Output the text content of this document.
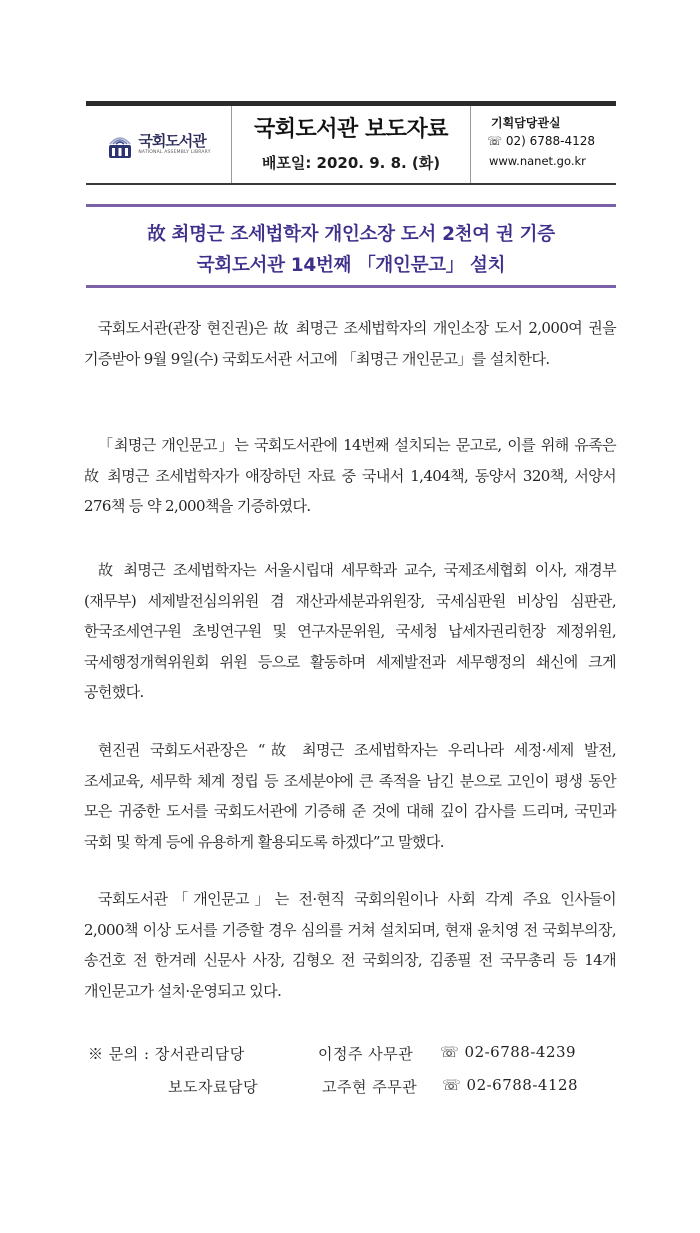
국회도서관
NATIONAL ASSEMBLY LIBRARY
국회도서관 보도자료
배포일: 2020. 9. 8. (화)
기획담당관실
☏ 02) 6788-4128
www.nanet.go.kr
故 최명근 조세법학자 개인소장 도서 2천여 권 기증
국회도서관 14번째 「개인문고」 설치
국회도서관(관장 현진권)은 故 최명근 조세법학자의 개인소장 도서 2,000여 권을 기증받아 9월 9일(수) 국회도서관 서고에 「최명근 개인문고」를 설치한다.
「최명근 개인문고」는 국회도서관에 14번째 설치되는 문고로, 이를 위해 유족은 故 최명근 조세법학자가 애장하던 자료 중 국내서 1,404책, 동양서 320책, 서양서 276책 등 약 2,000책을 기증하였다.
故 최명근 조세법학자는 서울시립대 세무학과 교수, 국제조세협회 이사, 재경부(재무부) 세제발전심의위원 겸 재산과세분과위원장, 국세심판원 비상임 심판관, 한국조세연구원 초빙연구원 및 연구자문위원, 국세청 납세자권리헌장 제정위원, 국세행정개혁위원회 위원 등으로 활동하며 세제발전과 세무행정의 쇄신에 크게 공헌했다.
현진권 국회도서관장은 “故 최명근 조세법학자는 우리나라 세정·세제 발전, 조세교육, 세무학 체계 정립 등 조세분야에 큰 족적을 남긴 분으로 고인이 평생 동안 모은 귀중한 도서를 국회도서관에 기증해 준 것에 대해 깊이 감사를 드리며, 국민과 국회 및 학계 등에 유용하게 활용되도록 하겠다”고 말했다.
국회도서관「개인문고」는 전·현직 국회의원이나 사회 각계 주요 인사들이 2,000책 이상 도서를 기증할 경우 심의를 거쳐 설치되며, 현재 윤치영 전 국회부의장, 송건호 전 한겨레 신문사 사장, 김형오 전 국회의장, 김종필 전 국무총리 등 14개 개인문고가 설치·운영되고 있다.
※ 문의 : 장서관리담당	이정주 사무관 ☏ 02-6788-4239
보도자료담당	고주현 주무관 ☏ 02-6788-4128
